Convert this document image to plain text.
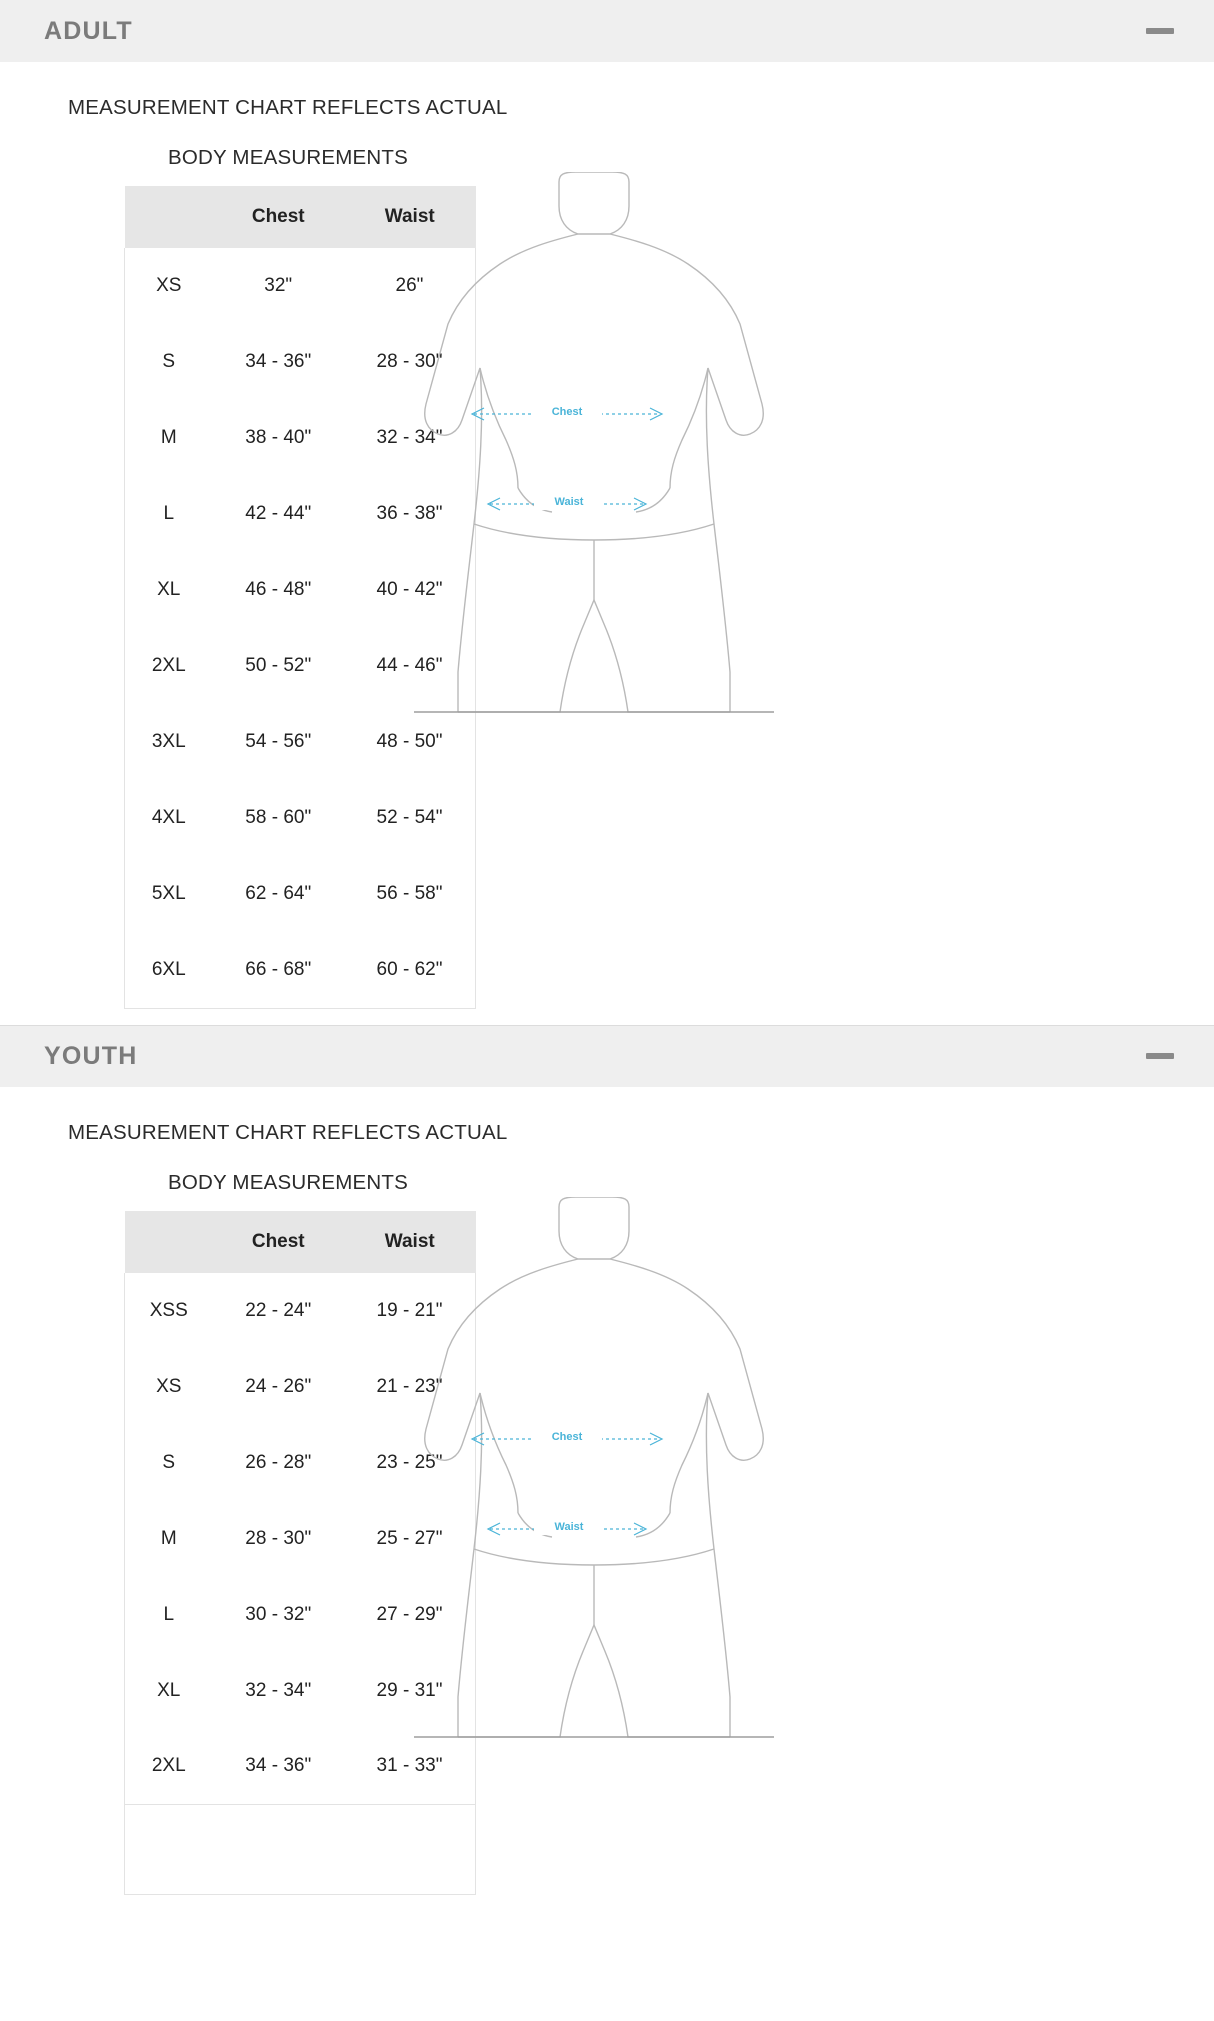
ADULT
MEASUREMENT CHART REFLECTS ACTUAL
BODY MEASUREMENTS
	Chest	Waist
XS	32"	26"
S	34 - 36"	28 - 30"
M	38 - 40"	32 - 34"
L	42 - 44"	36 - 38"
XL	46 - 48"	40 - 42"
2XL	50 - 52"	44 - 46"
3XL	54 - 56"	48 - 50"
4XL	58 - 60"	52 - 54"
5XL	62 - 64"	56 - 58"
6XL	66 - 68"	60 - 62"
Chest
Waist
YOUTH
MEASUREMENT CHART REFLECTS ACTUAL
BODY MEASUREMENTS
	Chest	Waist
XSS	22 - 24"	19 - 21"
XS	24 - 26"	21 - 23"
S	26 - 28"	23 - 25"
M	28 - 30"	25 - 27"
L	30 - 32"	27 - 29"
XL	32 - 34"	29 - 31"
2XL	34 - 36"	31 - 33"
Chest
Waist
